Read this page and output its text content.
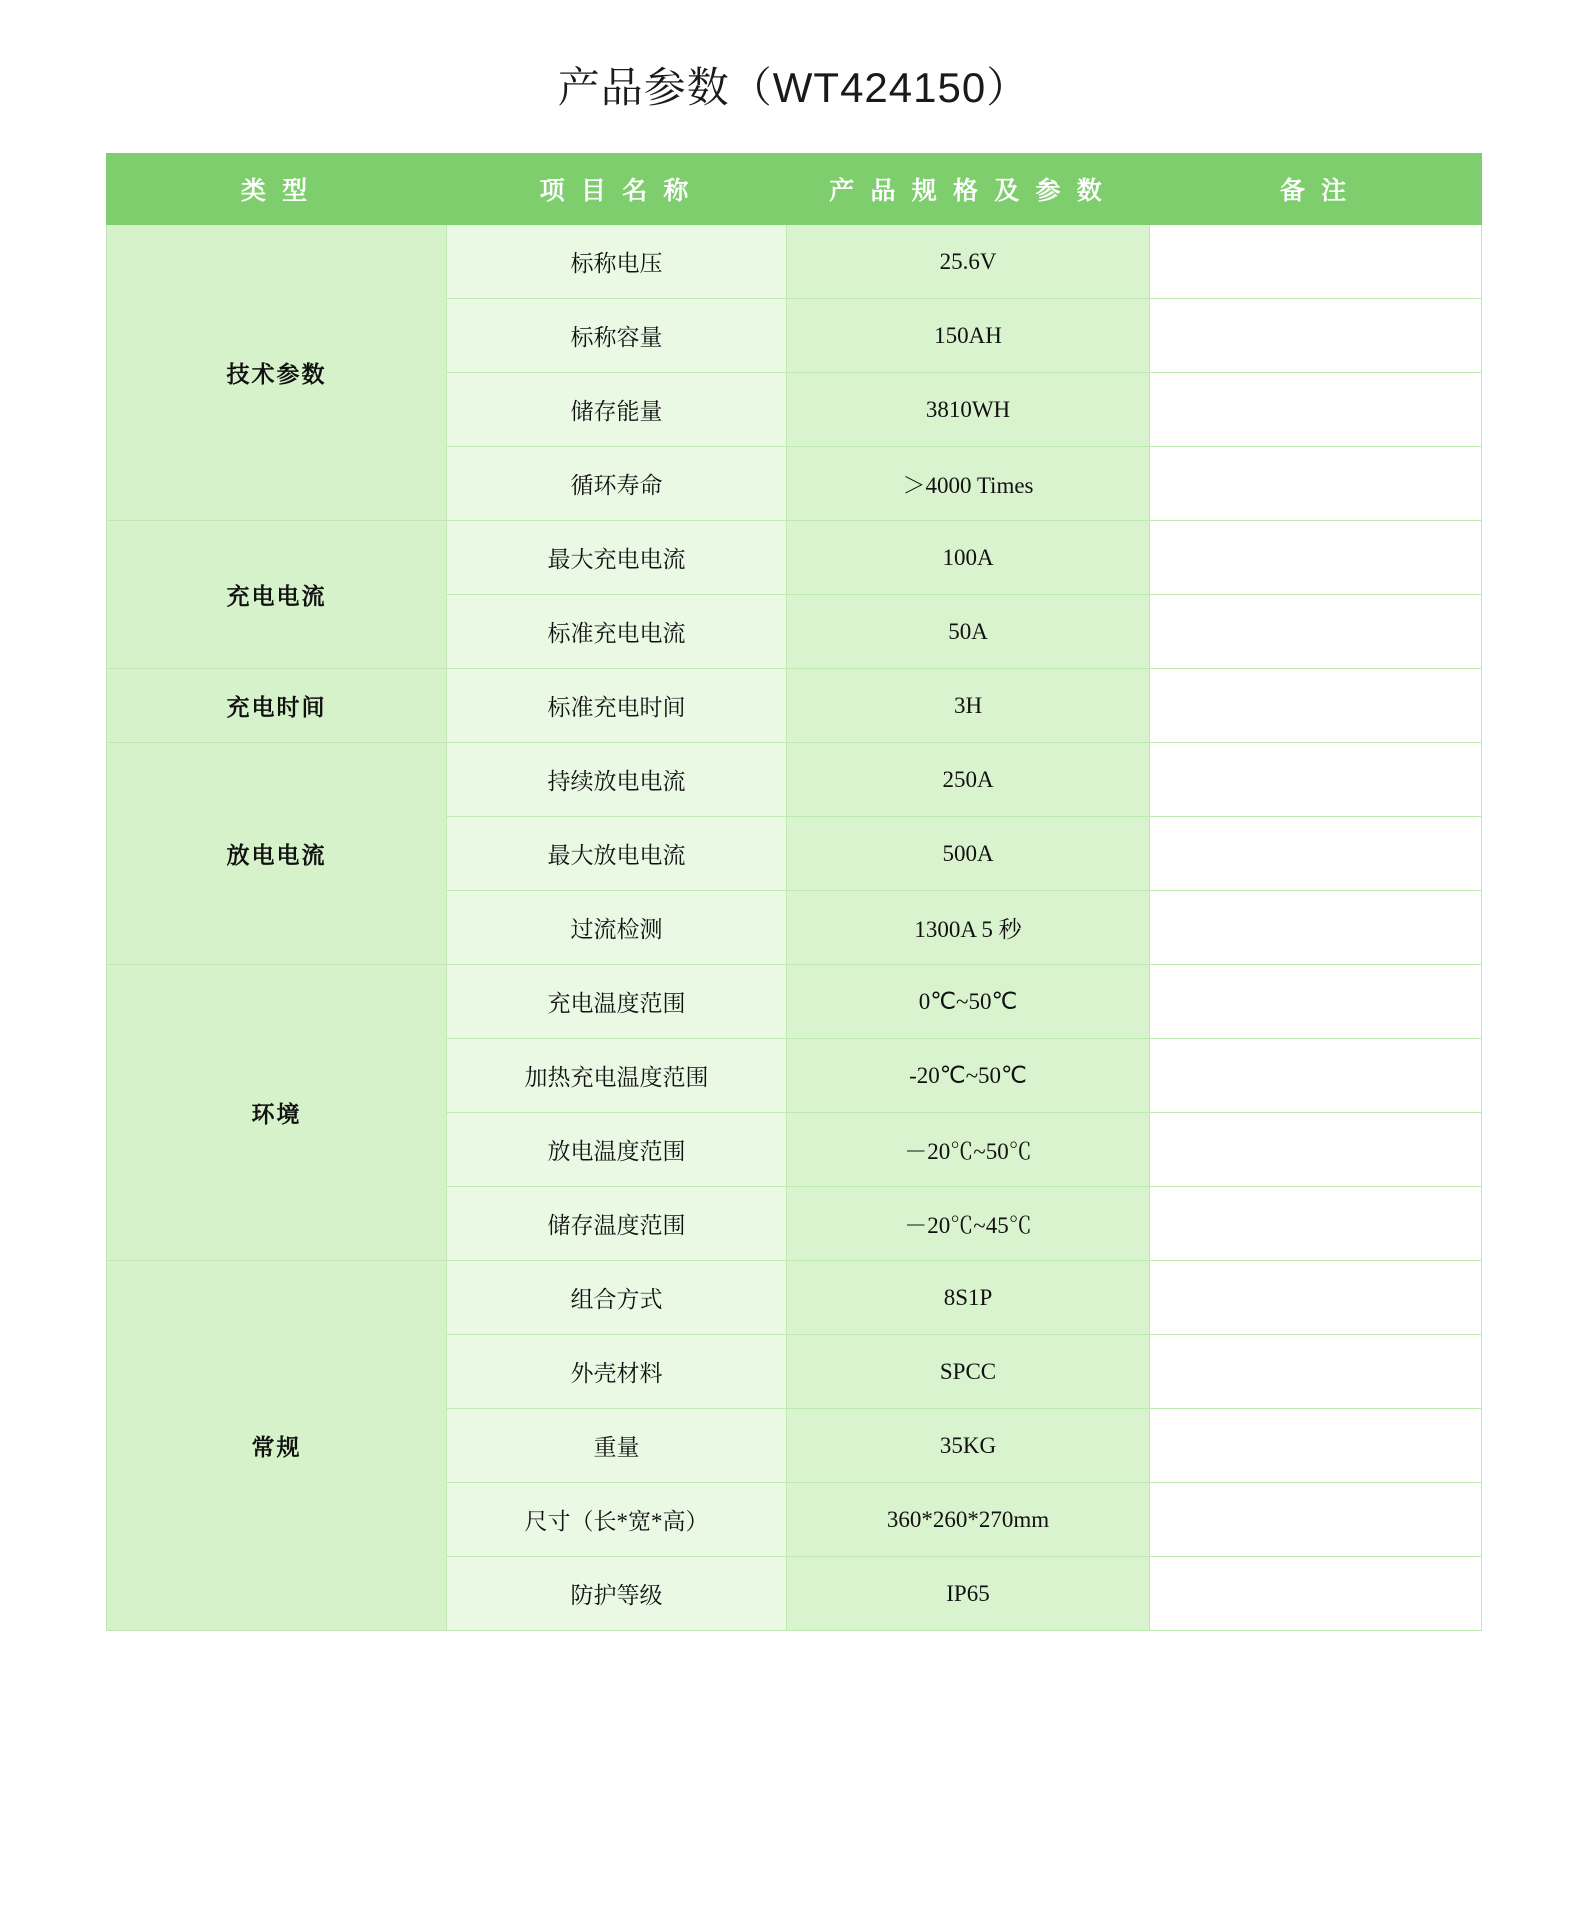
产品参数（WT424150）
类 型	项 目 名 称	产 品 规 格 及 参 数	备 注
技术参数	标称电压	25.6V	
	标称容量	150AH	
	储存能量	3810WH	
	循环寿命	＞4000 Times	
充电电流	最大充电电流	100A	
	标准充电电流	50A	
充电时间	标准充电时间	3H	
放电电流	持续放电电流	250A	
	最大放电电流	500A	
	过流检测	1300A 5 秒	
环境	充电温度范围	0℃~50℃	
	加热充电温度范围	-20℃~50℃	
	放电温度范围	－20℃~50℃	
	储存温度范围	－20℃~45℃	
常规	组合方式	8S1P	
	外壳材料	SPCC	
	重量	35KG	
	尺寸（长*宽*高）	360*260*270mm	
	防护等级	IP65	
